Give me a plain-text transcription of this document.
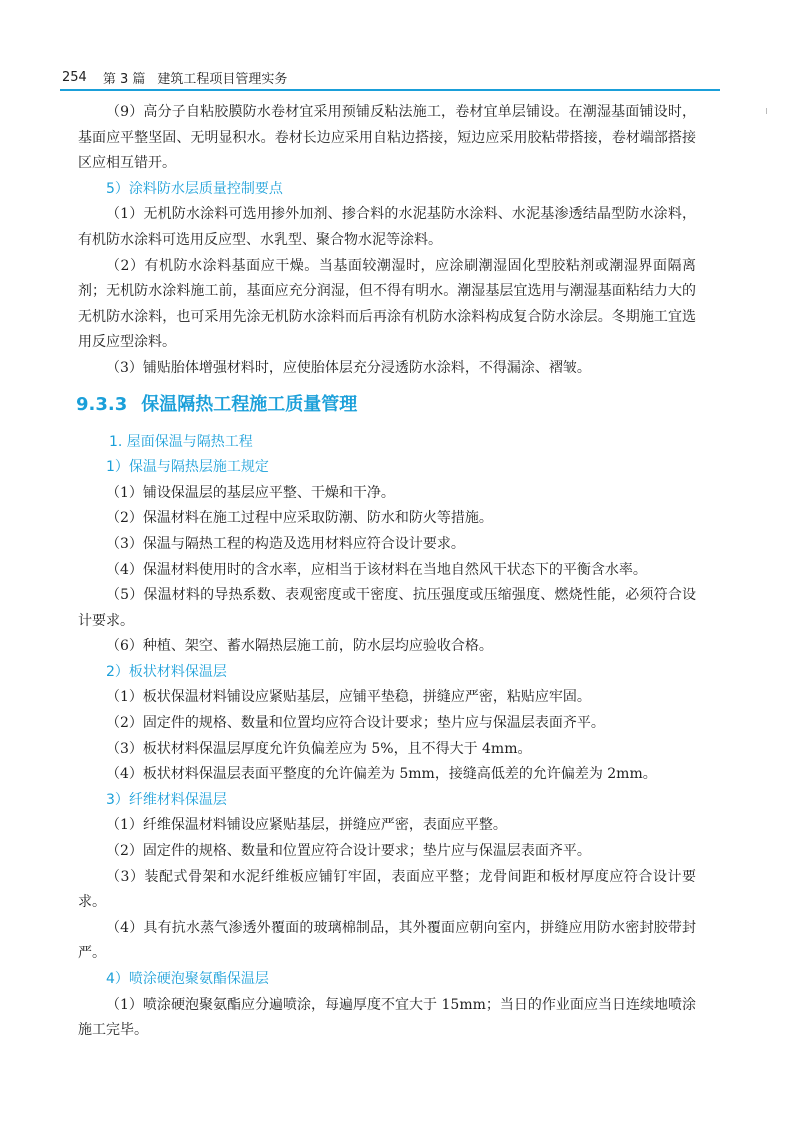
254 第 3 篇 建筑工程项目管理实务

（9）高分子自粘胶膜防水卷材宜采用预铺反粘法施工，卷材宜单层铺设。在潮湿基面铺设时，基面应平整坚固、无明显积水。卷材长边应采用自粘边搭接，短边应采用胶粘带搭接，卷材端部搭接区应相互错开。

5）涂料防水层质量控制要点

（1）无机防水涂料可选用掺外加剂、掺合料的水泥基防水涂料、水泥基渗透结晶型防水涂料，有机防水涂料可选用反应型、水乳型、聚合物水泥等涂料。

（2）有机防水涂料基面应干燥。当基面较潮湿时，应涂刷潮湿固化型胶粘剂或潮湿界面隔离剂；无机防水涂料施工前，基面应充分润湿，但不得有明水。潮湿基层宜选用与潮湿基面粘结力大的无机防水涂料，也可采用先涂无机防水涂料而后再涂有机防水涂料构成复合防水涂层。冬期施工宜选用反应型涂料。

（3）铺贴胎体增强材料时，应使胎体层充分浸透防水涂料，不得漏涂、褶皱。

9.3.3 保温隔热工程施工质量管理

1. 屋面保温与隔热工程

1）保温与隔热层施工规定

（1）铺设保温层的基层应平整、干燥和干净。

（2）保温材料在施工过程中应采取防潮、防水和防火等措施。

（3）保温与隔热工程的构造及选用材料应符合设计要求。

（4）保温材料使用时的含水率，应相当于该材料在当地自然风干状态下的平衡含水率。

（5）保温材料的导热系数、表观密度或干密度、抗压强度或压缩强度、燃烧性能，必须符合设计要求。

（6）种植、架空、蓄水隔热层施工前，防水层均应验收合格。

2）板状材料保温层

（1）板状保温材料铺设应紧贴基层，应铺平垫稳，拼缝应严密，粘贴应牢固。

（2）固定件的规格、数量和位置均应符合设计要求；垫片应与保温层表面齐平。

（3）板状材料保温层厚度允许负偏差应为 5%，且不得大于 4mm。

（4）板状材料保温层表面平整度的允许偏差为 5mm，接缝高低差的允许偏差为 2mm。

3）纤维材料保温层

（1）纤维保温材料铺设应紧贴基层，拼缝应严密，表面应平整。

（2）固定件的规格、数量和位置应符合设计要求；垫片应与保温层表面齐平。

（3）装配式骨架和水泥纤维板应铺钉牢固，表面应平整；龙骨间距和板材厚度应符合设计要求。

（4）具有抗水蒸气渗透外覆面的玻璃棉制品，其外覆面应朝向室内，拼缝应用防水密封胶带封严。

4）喷涂硬泡聚氨酯保温层

（1）喷涂硬泡聚氨酯应分遍喷涂，每遍厚度不宜大于 15mm；当日的作业面应当日连续地喷涂施工完毕。
